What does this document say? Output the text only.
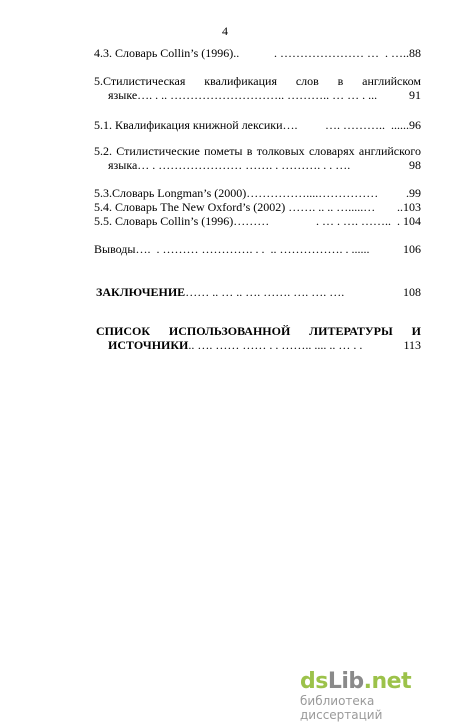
4
4.3. Словарь Collin’s (1996)..	. ………………… …  . …..88
5.Стилистическая квалификация слов в английском
языке…. . .. ……………………….. ……….. … … . ...	91
5.1. Квалификация книжной лексики…. …. ………..  ......96
5.2. Стилистические пометы в толковых словарях английского
языка… . ………………… ……. . ………. . . ….	98
5.3.Словарь Longman’s (2000)……………....…………… .99
5.4. Словарь The New Oxford’s (2002) ……. .. .. ….....… ..103
5.5. Словарь Collin’s (1996)………	. … . …. ……..  . 104
Выводы….  . ……… …………. . .  .. ……………. . ......	106
ЗАКЛЮЧЕНИЕ…… .. … .. …. ……. …. …. ….	108
СПИСОК ИСПОЛЬЗОВАННОЙ ЛИТЕРАТУРЫ И
ИСТОЧНИКИ.. …. …… …… . . …….. .... .. … . .	113
dsLib.net
библиотека диссертаций
